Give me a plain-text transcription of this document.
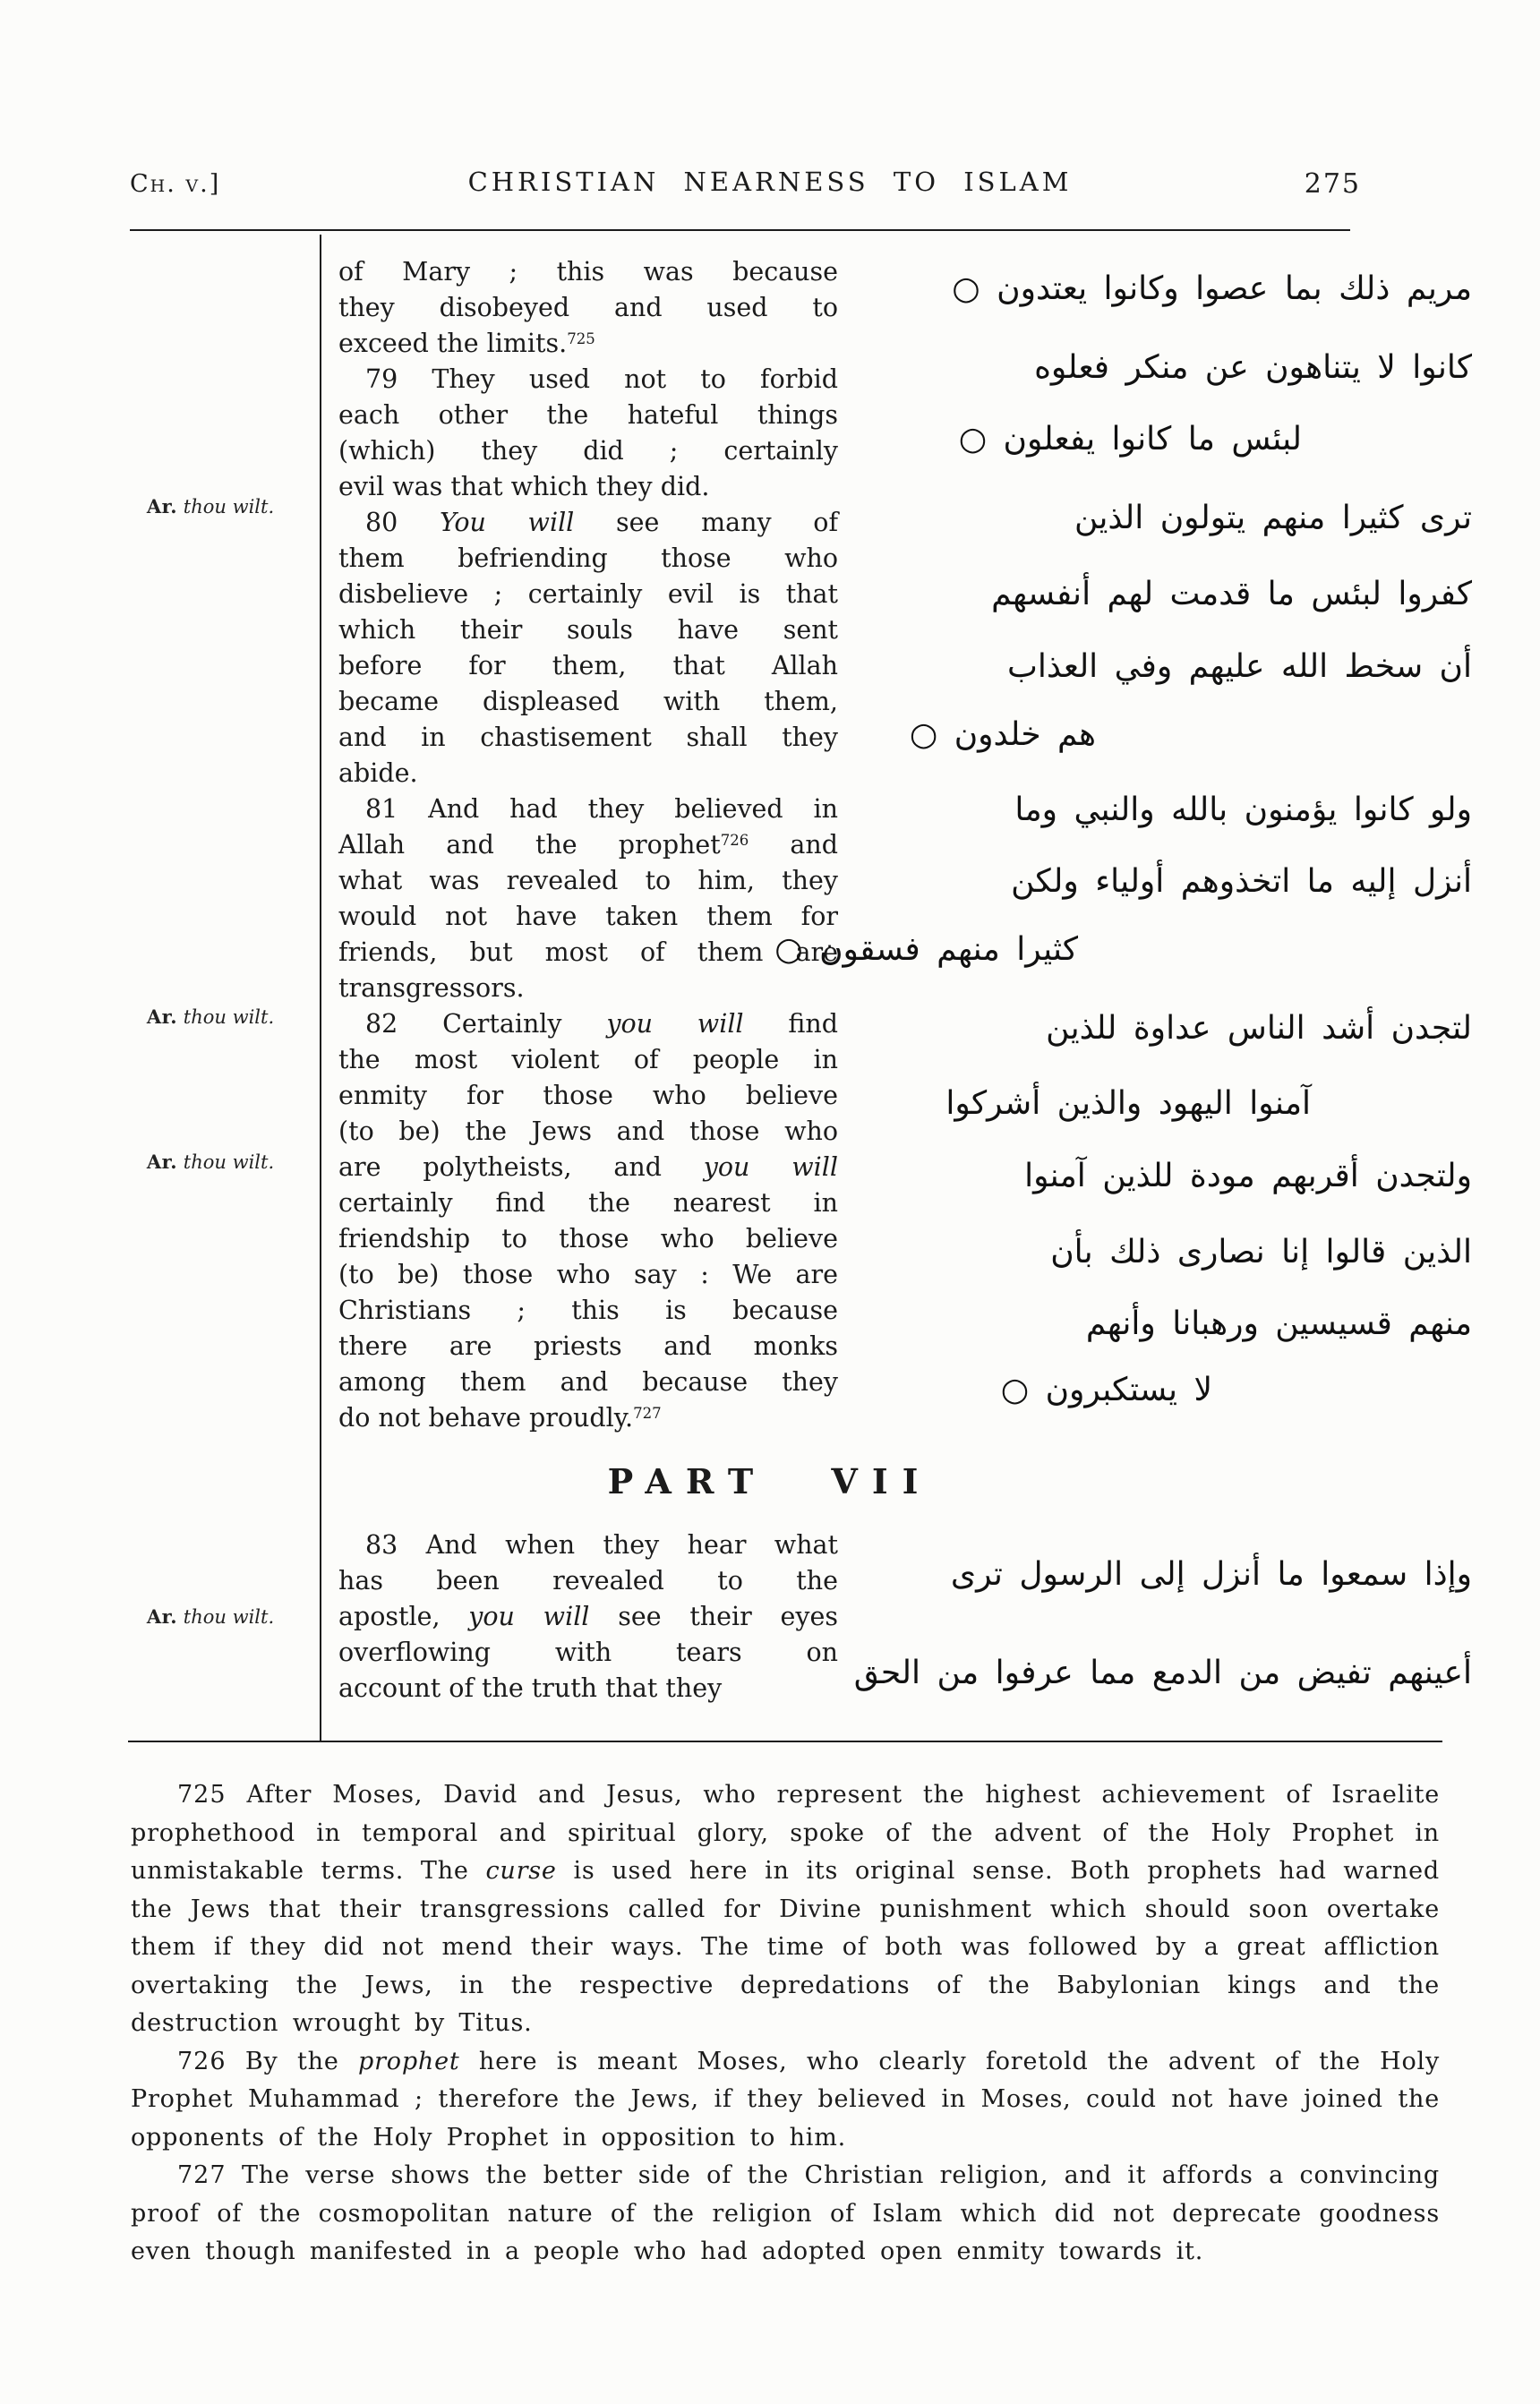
Ch. v.]	CHRISTIAN NEARNESS TO ISLAM	275
Ar. thou wilt.
Ar. thou wilt.
Ar. thou wilt.
Ar. thou wilt.
of Mary ; this was because
they disobeyed and used to
exceed the limits.$^{725}$
79 They used not to forbid
each other the hateful things
(which) they did ; certainly
evil was that which they did.
80 You will see many of
them befriending those who
disbelieve ; certainly evil is that
which their souls have sent
before for them, that Allah
became displeased with them,
and in chastisement shall they
abide.
81 And had they believed in
Allah and the prophet$^{726}$ and
what was revealed to him, they
would not have taken them for
friends, but most of them are
transgressors.
82 Certainly you will find
the most violent of people in
enmity for those who believe
(to be) the Jews and those who
are polytheists, and you will
certainly find the nearest in
friendship to those who believe
(to be) those who say : We are
Christians ; this is because
there are priests and monks
among them and because they
do not behave proudly.$^{727}$
PART VII
83 And when they hear what
has been revealed to the
apostle, you will see their eyes
overflowing with tears on
account of the truth that they
مريم ذلك بما عصوا وكانوا يعتدون ○
كانوا لا يتناهون عن منكر فعلوه
لبئس ما كانوا يفعلون ○
ترى كثيرا منهم يتولون الذين
كفروا لبئس ما قدمت لهم أنفسهم
أن سخط الله عليهم وفي العذاب
هم خلدون ○
ولو كانوا يؤمنون بالله والنبي وما
أنزل إليه ما اتخذوهم أولياء ولكن
كثيرا منهم فسقون ○
لتجدن أشد الناس عداوة للذين
آمنوا اليهود والذين أشركوا
ولتجدن أقربهم مودة للذين آمنوا
الذين قالوا إنا نصارى ذلك بأن
منهم قسيسين ورهبانا وأنهم
لا يستكبرون ○
وإذا سمعوا ما أنزل إلى الرسول ترى
أعينهم تفيض من الدمع مما عرفوا من الحق

725 After Moses, David and Jesus, who represent the highest achievement of Israelite prophethood in temporal and spiritual glory, spoke of the advent of the Holy Prophet in unmistakable terms. The curse is used here in its original sense. Both prophets had warned the Jews that their transgressions called for Divine punishment which should soon overtake them if they did not mend their ways. The time of both was followed by a great affliction overtaking the Jews, in the respective depredations of the Babylonian kings and the destruction wrought by Titus.

726 By the prophet here is meant Moses, who clearly foretold the advent of the Holy Prophet Muhammad ; therefore the Jews, if they believed in Moses, could not have joined the opponents of the Holy Prophet in opposition to him.

727 The verse shows the better side of the Christian religion, and it affords a convincing proof of the cosmopolitan nature of the religion of Islam which did not deprecate goodness even though manifested in a people who had adopted open enmity towards it.
